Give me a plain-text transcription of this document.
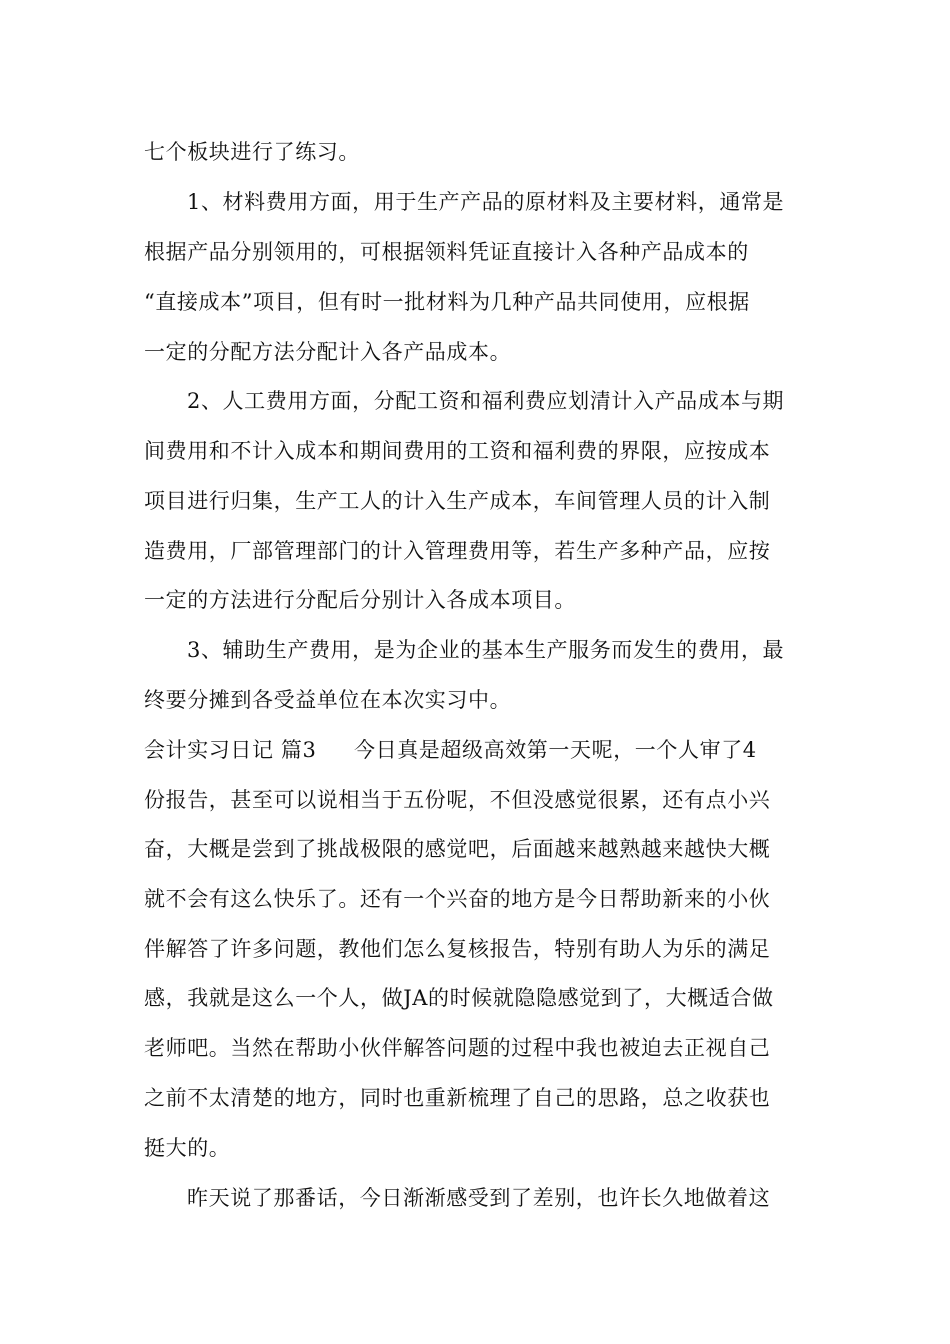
七个板块进行了练习。
1、材料费用方面，用于生产产品的原材料及主要材料，通常是
根据产品分别领用的，可根据领料凭证直接计入各种产品成本的
“直接成本”项目，但有时一批材料为几种产品共同使用，应根据
一定的分配方法分配计入各产品成本。
2、人工费用方面，分配工资和福利费应划清计入产品成本与期
间费用和不计入成本和期间费用的工资和福利费的界限，应按成本
项目进行归集，生产工人的计入生产成本，车间管理人员的计入制
造费用，厂部管理部门的计入管理费用等，若生产多种产品，应按
一定的方法进行分配后分别计入各成本项目。
3、辅助生产费用，是为企业的基本生产服务而发生的费用，最
终要分摊到各受益单位在本次实习中。
会计实习日记 篇3 今日真是超级高效第一天呢，一个人审了4
份报告，甚至可以说相当于五份呢，不但没感觉很累，还有点小兴
奋，大概是尝到了挑战极限的感觉吧，后面越来越熟越来越快大概
就不会有这么快乐了。还有一个兴奋的地方是今日帮助新来的小伙
伴解答了许多问题，教他们怎么复核报告，特别有助人为乐的满足
感，我就是这么一个人，做JA的时候就隐隐感觉到了，大概适合做
老师吧。当然在帮助小伙伴解答问题的过程中我也被迫去正视自己
之前不太清楚的地方，同时也重新梳理了自己的思路，总之收获也
挺大的。
昨天说了那番话，今日渐渐感受到了差别，也许长久地做着这
